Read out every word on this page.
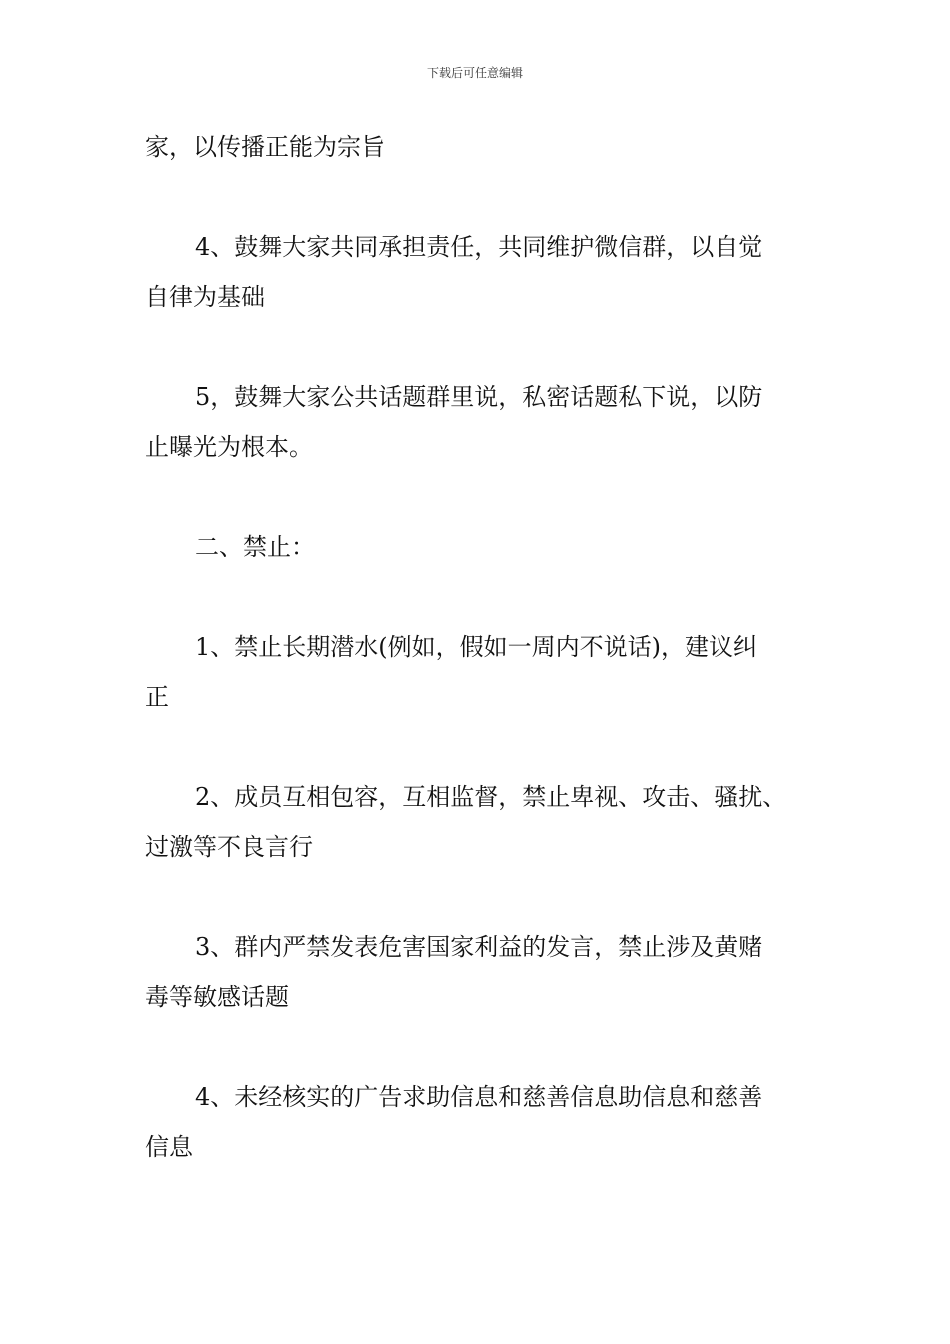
下载后可任意编辑
家，以传播正能为宗旨
4、鼓舞大家共同承担责任，共同维护微信群，以自觉
自律为基础
5，鼓舞大家公共话题群里说，私密话题私下说，以防
止曝光为根本。
二、禁止：
1、禁止长期潜水(例如，假如一周内不说话)，建议纠
正
2、成员互相包容，互相监督，禁止卑视、攻击、骚扰、
过激等不良言行
3、群内严禁发表危害国家利益的发言，禁止涉及黄赌
毒等敏感话题
4、未经核实的广告求助信息和慈善信息助信息和慈善
信息
